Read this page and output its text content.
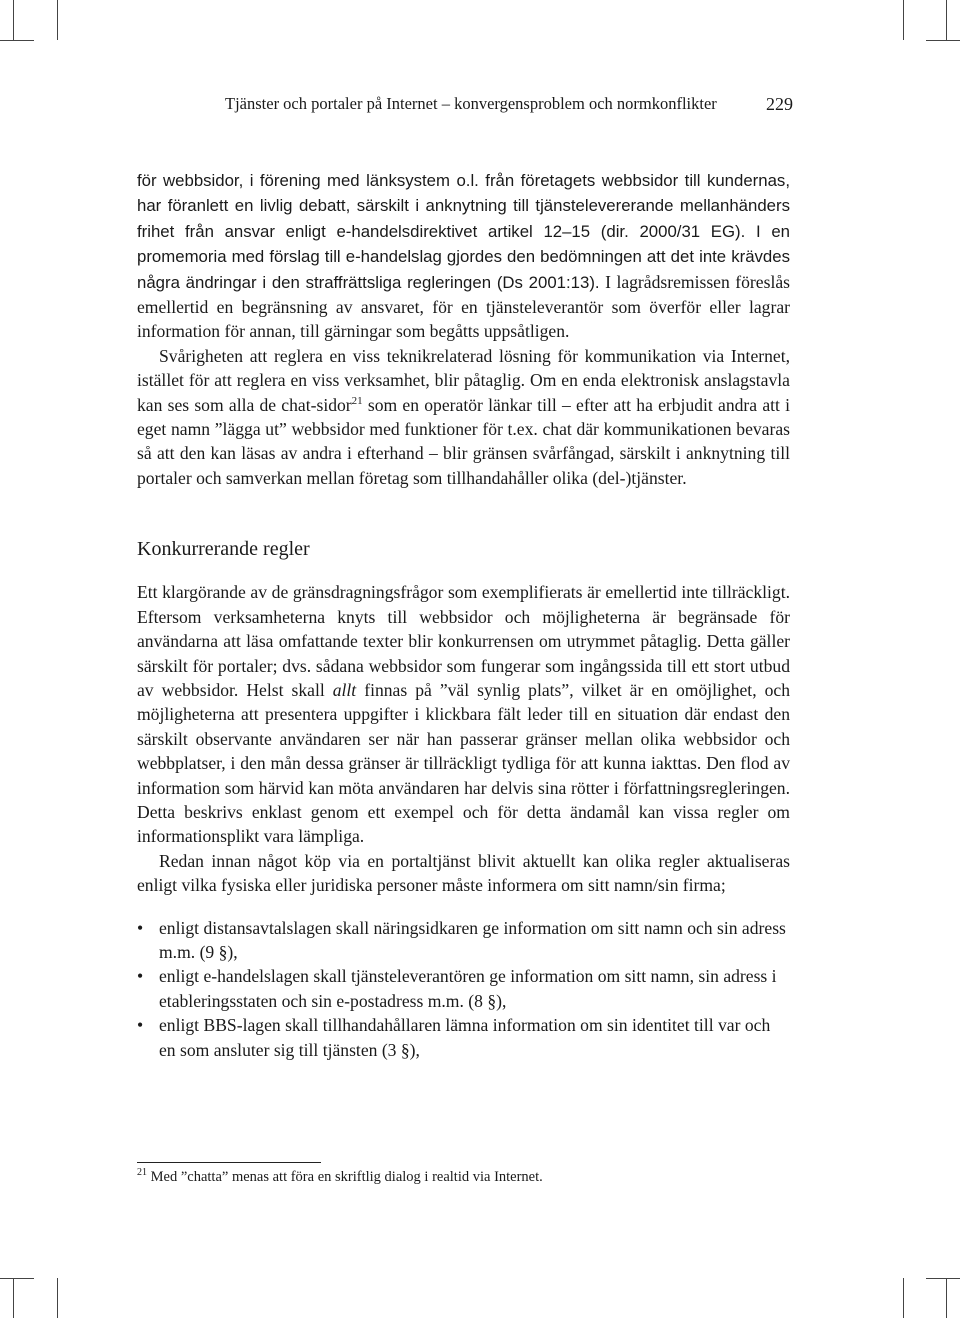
Tjänster och portaler på Internet – konvergensproblem och normkonflikter	229

för webbsidor, i förening med länksystem o.l. från företagets webbsidor till kundernas, har föranlett en livlig debatt, särskilt i anknytning till tjänstelevererande mellanhänders frihet från ansvar enligt e-handelsdirektivet artikel 12–15 (dir. 2000/31 EG). I en promemoria med förslag till e-handelslag gjordes den bedömningen att det inte krävdes några ändringar i den straffrättsliga regleringen (Ds 2001:13). I lagrådsremissen föreslås emellertid en begränsning av ansvaret, för en tjänsteleverantör som överför eller lagrar information för annan, till gärningar som begåtts uppsåtligen.

Svårigheten att reglera en viss teknikrelaterad lösning för kommunikation via Internet, istället för att reglera en viss verksamhet, blir påtaglig. Om en enda elektronisk anslagstavla kan ses som alla de chat-sidor$^{21}$ som en operatör länkar till – efter att ha erbjudit andra att i eget namn ”lägga ut” webbsidor med funktioner för t.ex. chat där kommunikationen bevaras så att den kan läsas av andra i efterhand – blir gränsen svårfångad, särskilt i anknytning till portaler och samverkan mellan företag som tillhandahåller olika (del-)tjänster.

Konkurrerande regler

Ett klargörande av de gränsdragningsfrågor som exemplifierats är emellertid inte tillräckligt. Eftersom verksamheterna knyts till webbsidor och möjligheterna är begränsade för användarna att läsa omfattande texter blir konkurrensen om utrymmet påtaglig. Detta gäller särskilt för portaler; dvs. sådana webbsidor som fungerar som ingångssida till ett stort utbud av webbsidor. Helst skall allt finnas på ”väl synlig plats”, vilket är en omöjlighet, och möjligheterna att presentera uppgifter i klickbara fält leder till en situation där endast den särskilt observante användaren ser när han passerar gränser mellan olika webbsidor och webbplatser, i den mån dessa gränser är tillräckligt tydliga för att kunna iakttas. Den flod av information som härvid kan möta användaren har delvis sina rötter i författningsregleringen. Detta beskrivs enklast genom ett exempel och för detta ändamål kan vissa regler om informationsplikt vara lämpliga.

Redan innan något köp via en portaltjänst blivit aktuellt kan olika regler aktualiseras enligt vilka fysiska eller juridiska personer måste informera om sitt namn/sin firma;

• enligt distansavtalslagen skall näringsidkaren ge information om sitt namn och sin adress m.m. (9 §),
• enligt e-handelslagen skall tjänsteleverantören ge information om sitt namn, sin adress i etableringsstaten och sin e-postadress m.m. (8 §),
• enligt BBS-lagen skall tillhandahållaren lämna information om sin identitet till var och en som ansluter sig till tjänsten (3 §),
$^{21}$ Med ”chatta” menas att föra en skriftlig dialog i realtid via Internet.
